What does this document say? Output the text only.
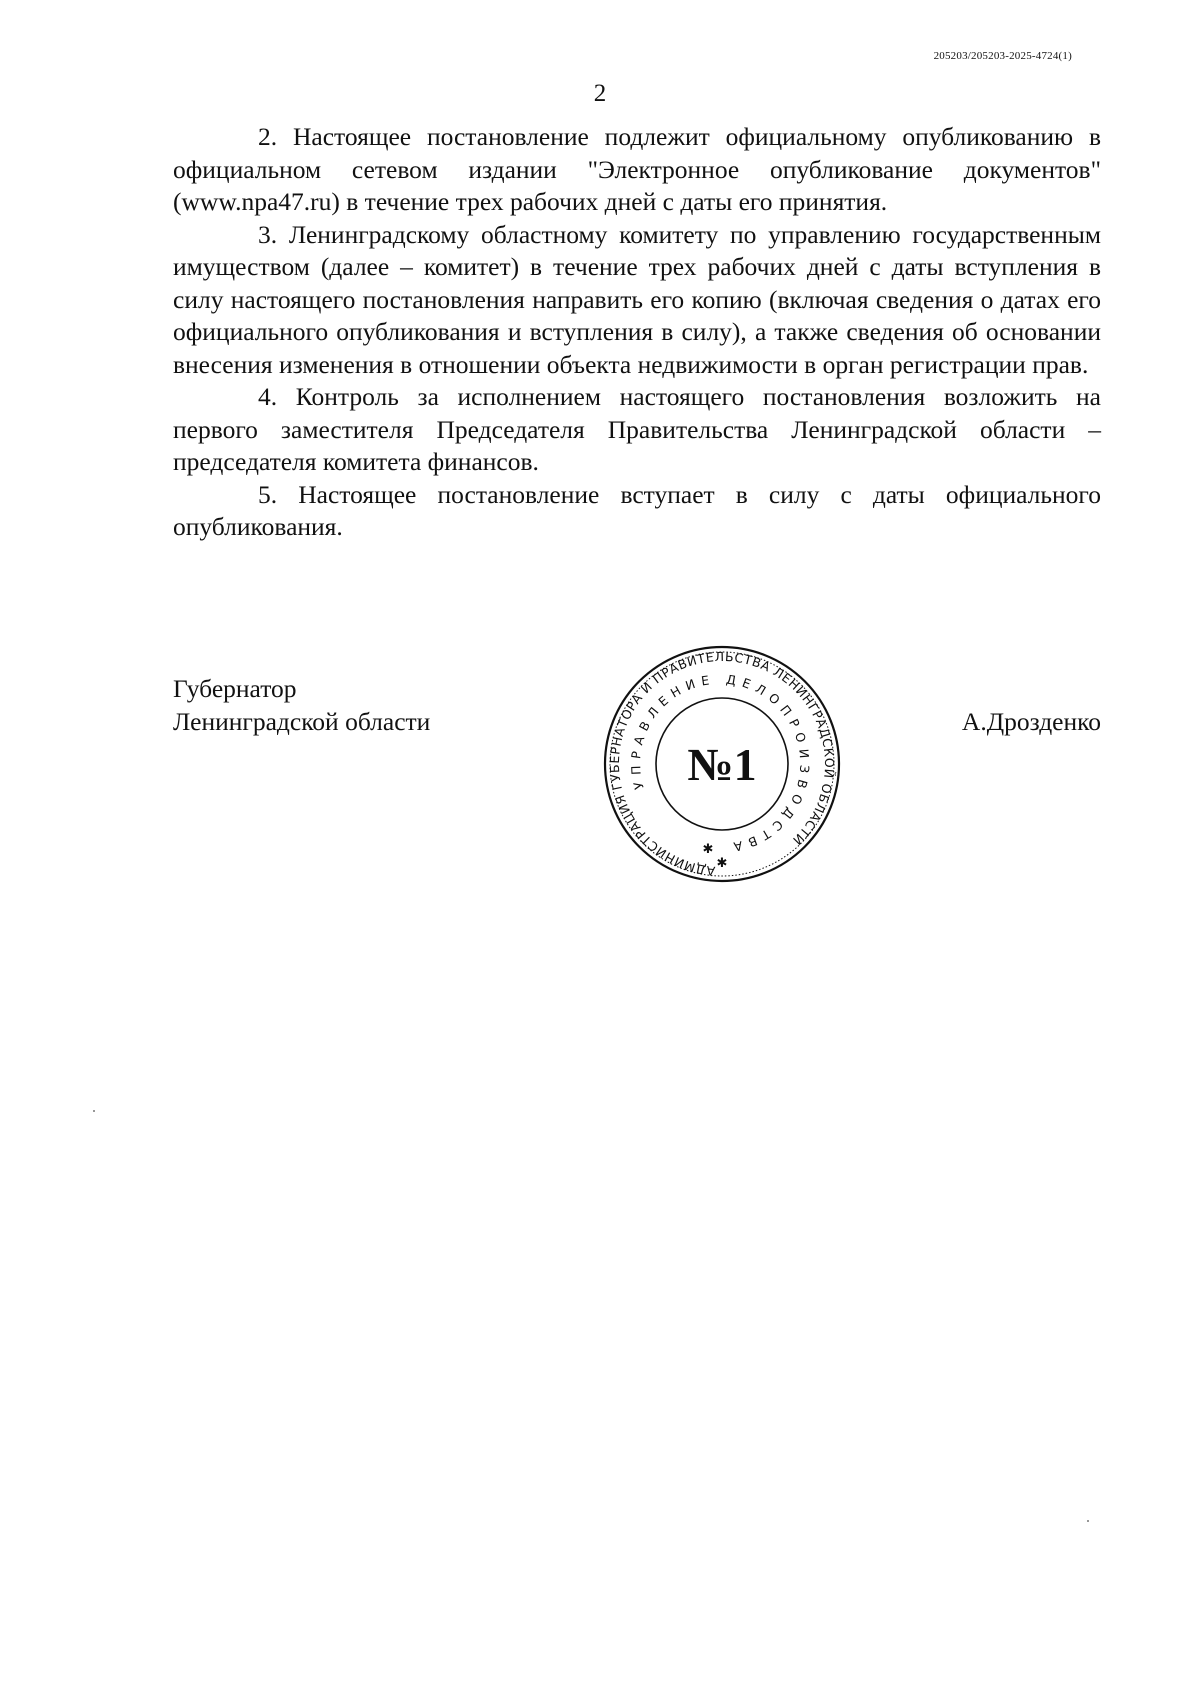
205203/205203-2025-4724(1)
2

2. Настоящее постановление подлежит официальному опубликованию в официальном сетевом издании "Электронное опубликование документов" (www.npa47.ru) в течение трех рабочих дней с даты его принятия.

3. Ленинградскому областному комитету по управлению государственным имуществом (далее – комитет) в течение трех рабочих дней с даты вступления в силу настоящего постановления направить его копию (включая сведения о датах его официального опубликования и вступления в силу), а также сведения об основании внесения изменения в отношении объекта недвижимости в орган регистрации прав.

4. Контроль за исполнением настоящего постановления возложить на первого заместителя Председателя Правительства Ленинградской области – председателя комитета финансов.

5. Настоящее постановление вступает в силу с даты официального опубликования.

Губернатор
Ленинградской области	А.Дрозденко
АДМИНИСТРАЦИЯ ГУБЕРНАТОРА И ПРАВИТЕЛЬСТВА ЛЕНИНГРАДСКОЙ ОБЛАСТИ
УПРАВЛЕНИЕ ДЕЛОПРОИЗВОДСТВА
№1
✱
✱
